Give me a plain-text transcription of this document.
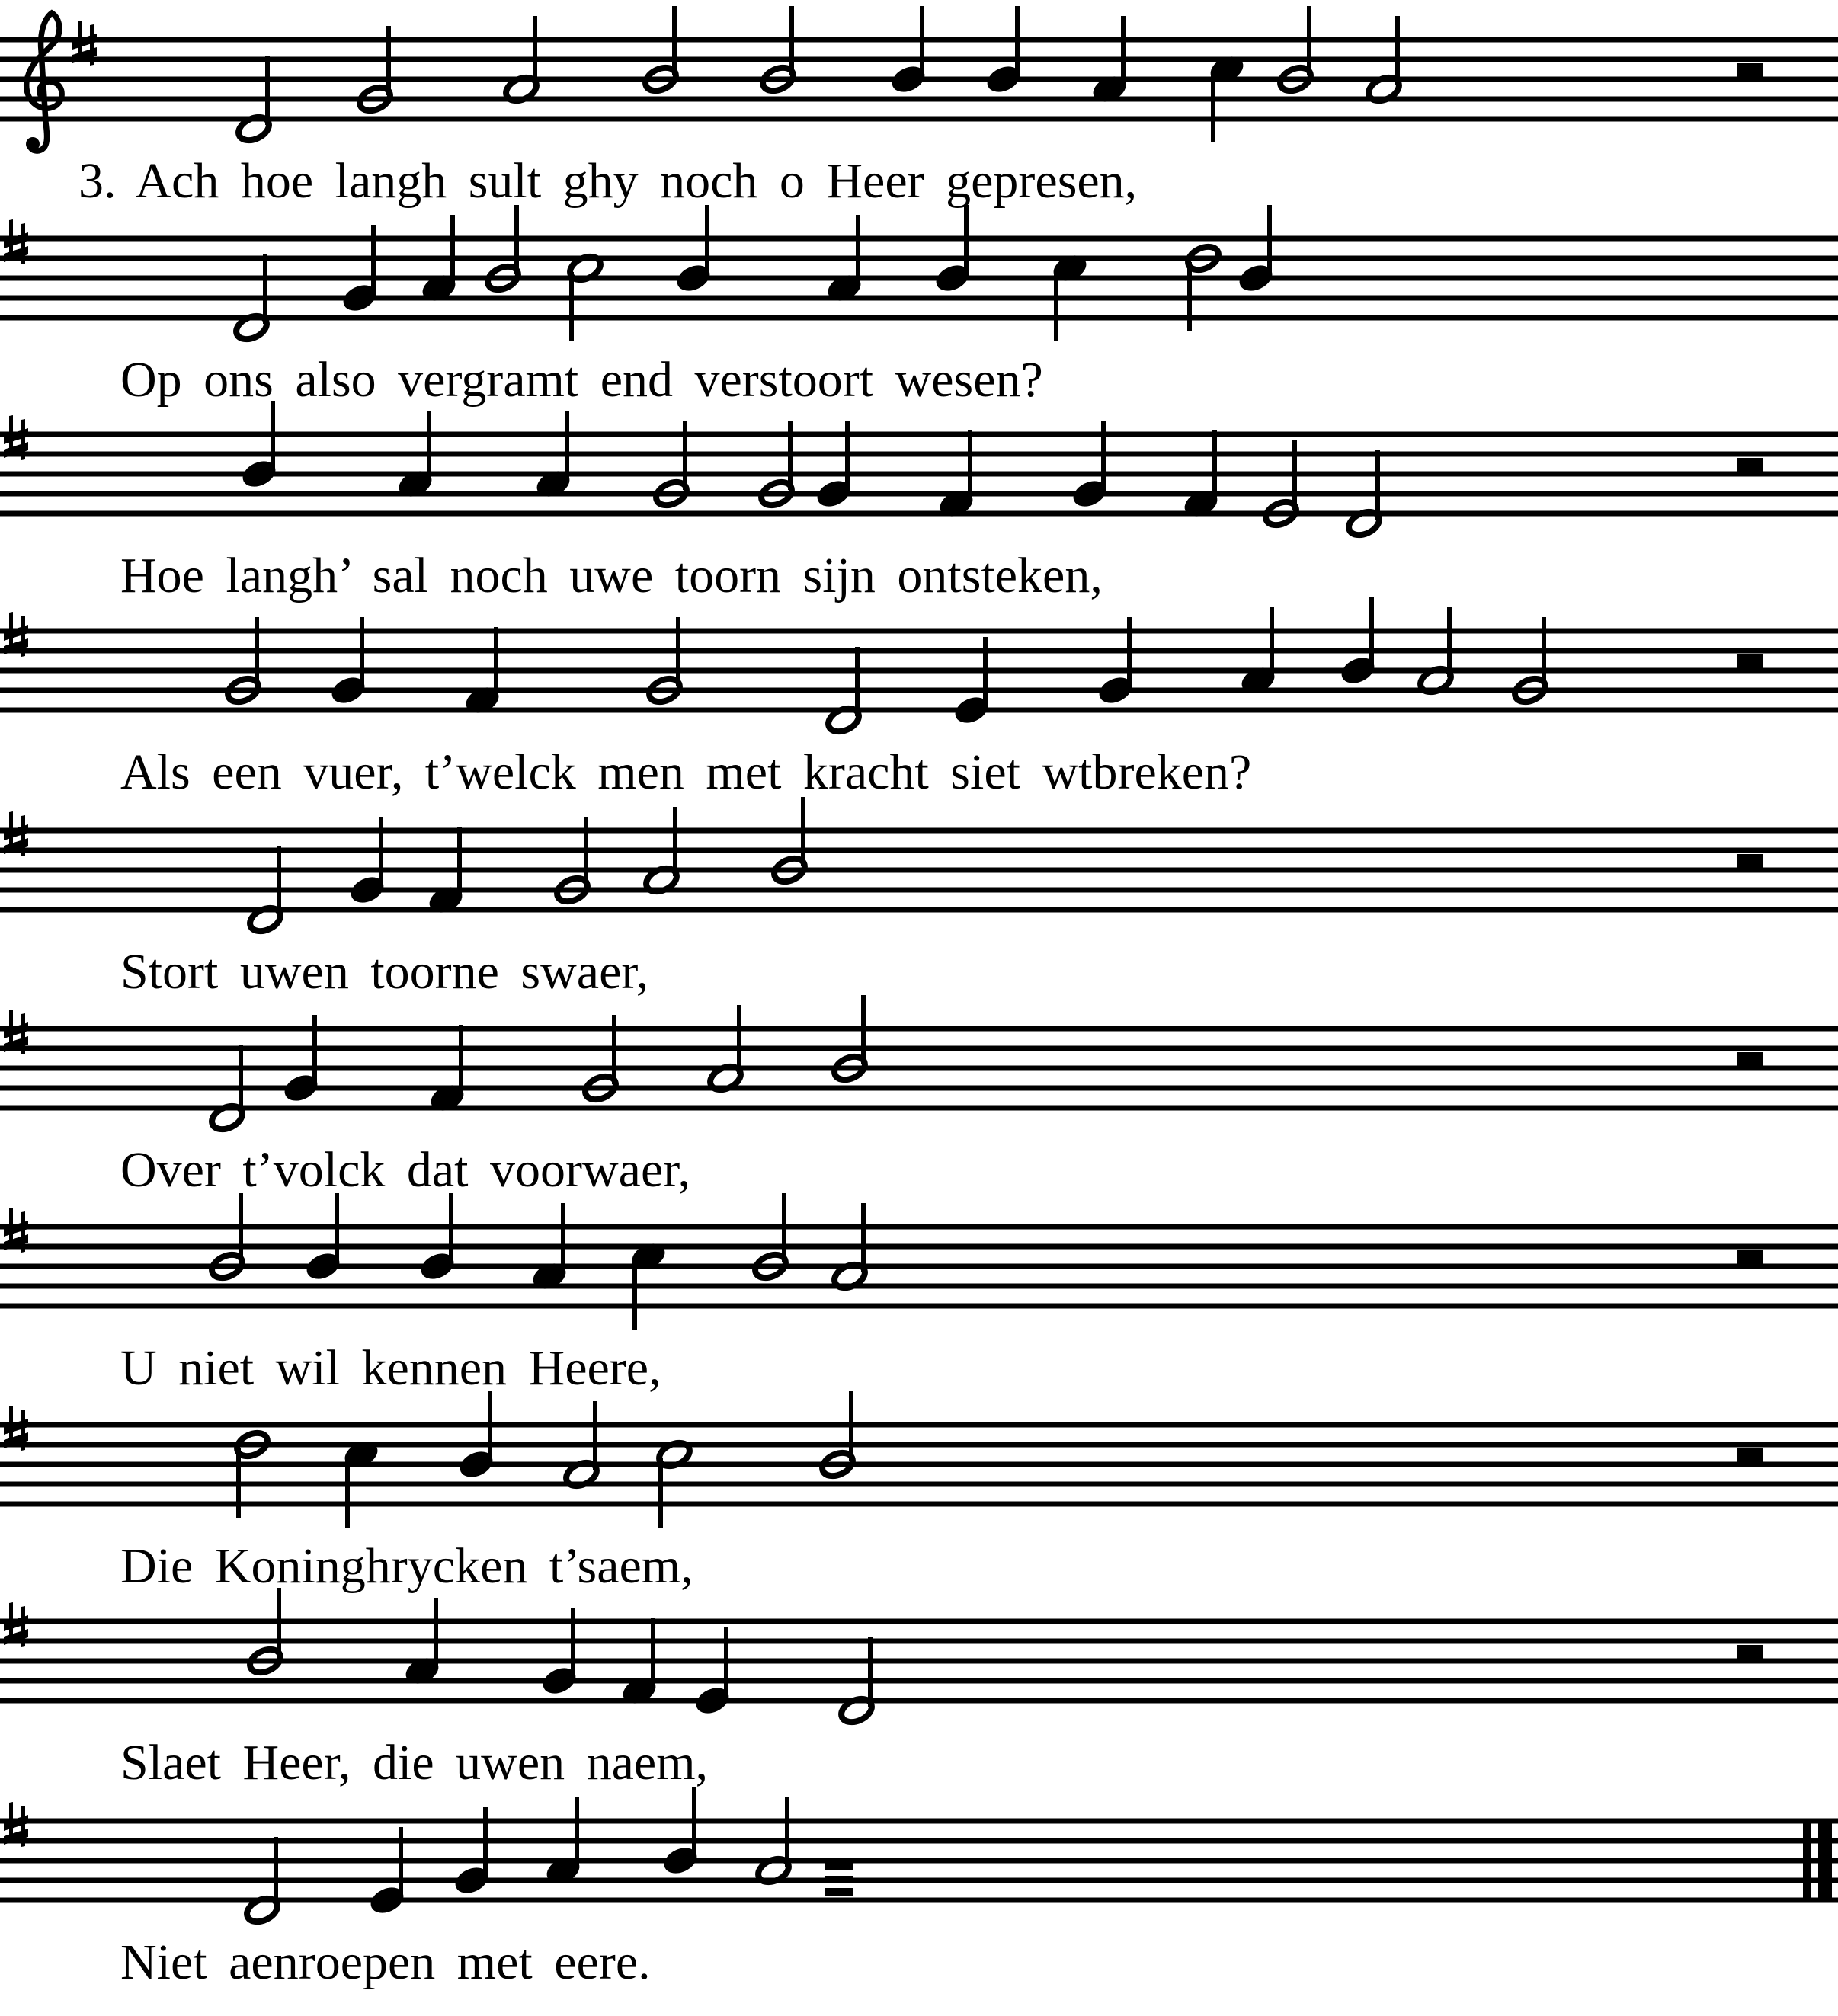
3. Ach hoe langh sult ghy noch o Heer gepresen,
Op ons also vergramt end verstoort wesen?
Hoe langh’ sal noch uwe toorn sijn ontsteken,
Als een vuer, t’welck men met kracht siet wtbreken?
Stort uwen toorne swaer,
Over t’volck dat voorwaer,
U niet wil kennen Heere,
Die Koninghrycken t’saem,
Slaet Heer, die uwen naem,
Niet aenroepen met eere.
